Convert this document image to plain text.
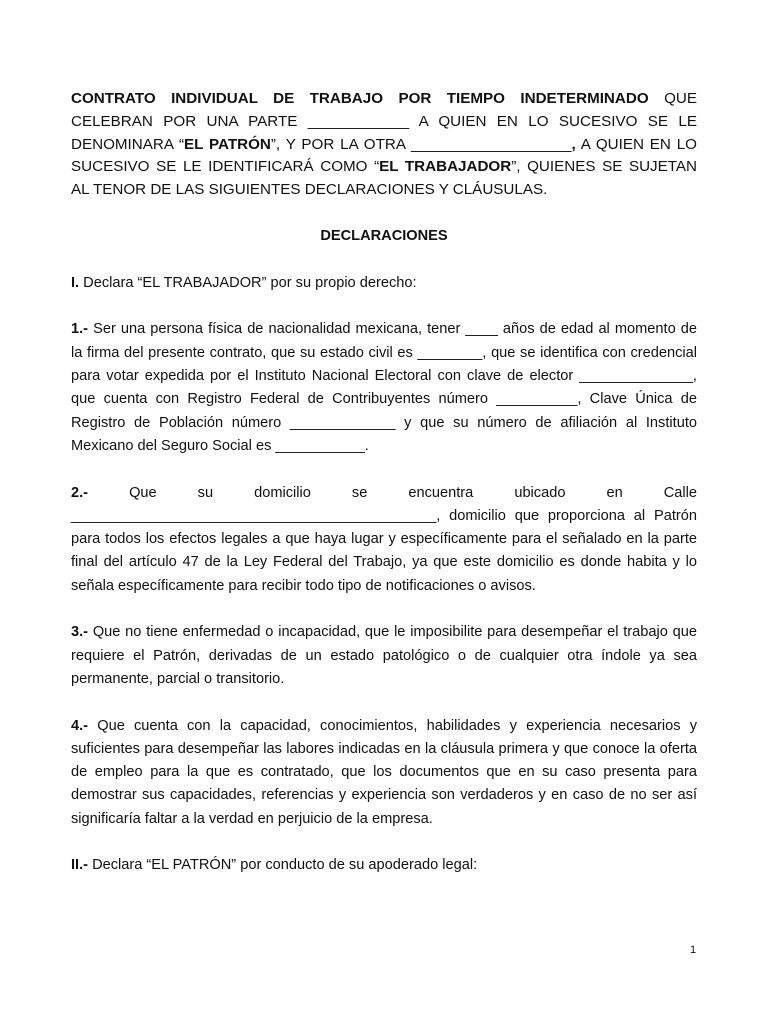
CONTRATO INDIVIDUAL DE TRABAJO POR TIEMPO INDETERMINADO QUE CELEBRAN POR UNA PARTE ____________ A QUIEN EN LO SUCESIVO SE LE DENOMINARA “EL PATRÓN”, Y POR LA OTRA ___________________, A QUIEN EN LO SUCESIVO SE LE IDENTIFICARÁ COMO “EL TRABAJADOR”, QUIENES SE SUJETAN AL TENOR DE LAS SIGUIENTES DECLARACIONES Y CLÁUSULAS.

DECLARACIONES

I. Declara “EL TRABAJADOR” por su propio derecho:

1.- Ser una persona física de nacionalidad mexicana, tener ____ años de edad al momento de la firma del presente contrato, que su estado civil es ________, que se identifica con credencial para votar expedida por el Instituto Nacional Electoral con clave de elector ______________, que cuenta con Registro Federal de Contribuyentes número __________, Clave Única de Registro de Población número _____________ y que su número de afiliación al Instituto Mexicano del Seguro Social es ___________.

2.- Que su domicilio se encuentra ubicado en Calle _____________________________________________, domicilio que proporciona al Patrón para todos los efectos legales a que haya lugar y específicamente para el señalado en la parte final del artículo 47 de la Ley Federal del Trabajo, ya que este domicilio es donde habita y lo señala específicamente para recibir todo tipo de notificaciones o avisos.

3.- Que no tiene enfermedad o incapacidad, que le imposibilite para desempeñar el trabajo que requiere el Patrón, derivadas de un estado patológico o de cualquier otra índole ya sea permanente, parcial o transitorio.

4.- Que cuenta con la capacidad, conocimientos, habilidades y experiencia necesarios y suficientes para desempeñar las labores indicadas en la cláusula primera y que conoce la oferta de empleo para la que es contratado, que los documentos que en su caso presenta para demostrar sus capacidades, referencias y experiencia son verdaderos y en caso de no ser así significaría faltar a la verdad en perjuicio de la empresa.

II.- Declara “EL PATRÓN” por conducto de su apoderado legal:

1
